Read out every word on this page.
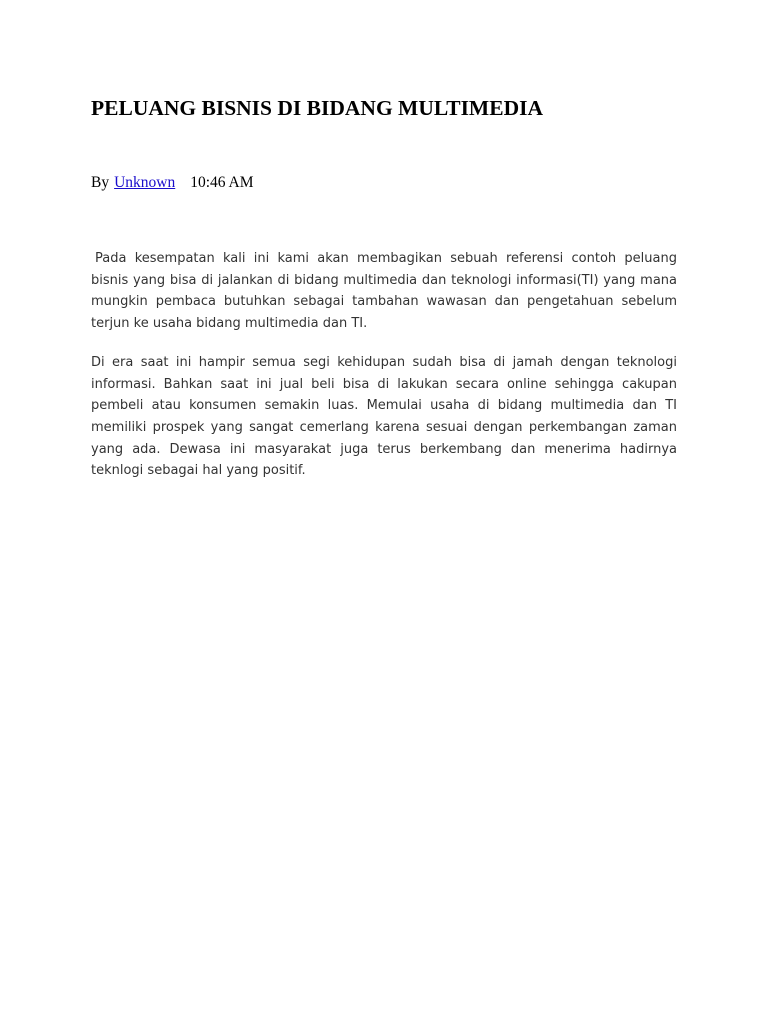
PELUANG BISNIS DI BIDANG MULTIMEDIA
By Unknown 10:46 AM

Pada kesempatan kali ini kami akan membagikan sebuah referensi contoh peluang bisnis yang bisa di jalankan di bidang multimedia dan teknologi informasi(TI) yang mana mungkin pembaca butuhkan sebagai tambahan wawasan dan pengetahuan sebelum terjun ke usaha bidang multimedia dan TI.

Di era saat ini hampir semua segi kehidupan sudah bisa di jamah dengan teknologi informasi. Bahkan saat ini jual beli bisa di lakukan secara online sehingga cakupan pembeli atau konsumen semakin luas. Memulai usaha di bidang multimedia dan TI memiliki prospek yang sangat cemerlang karena sesuai dengan perkembangan zaman yang ada. Dewasa ini masyarakat juga terus berkembang dan menerima hadirnya teknlogi sebagai hal yang positif.
